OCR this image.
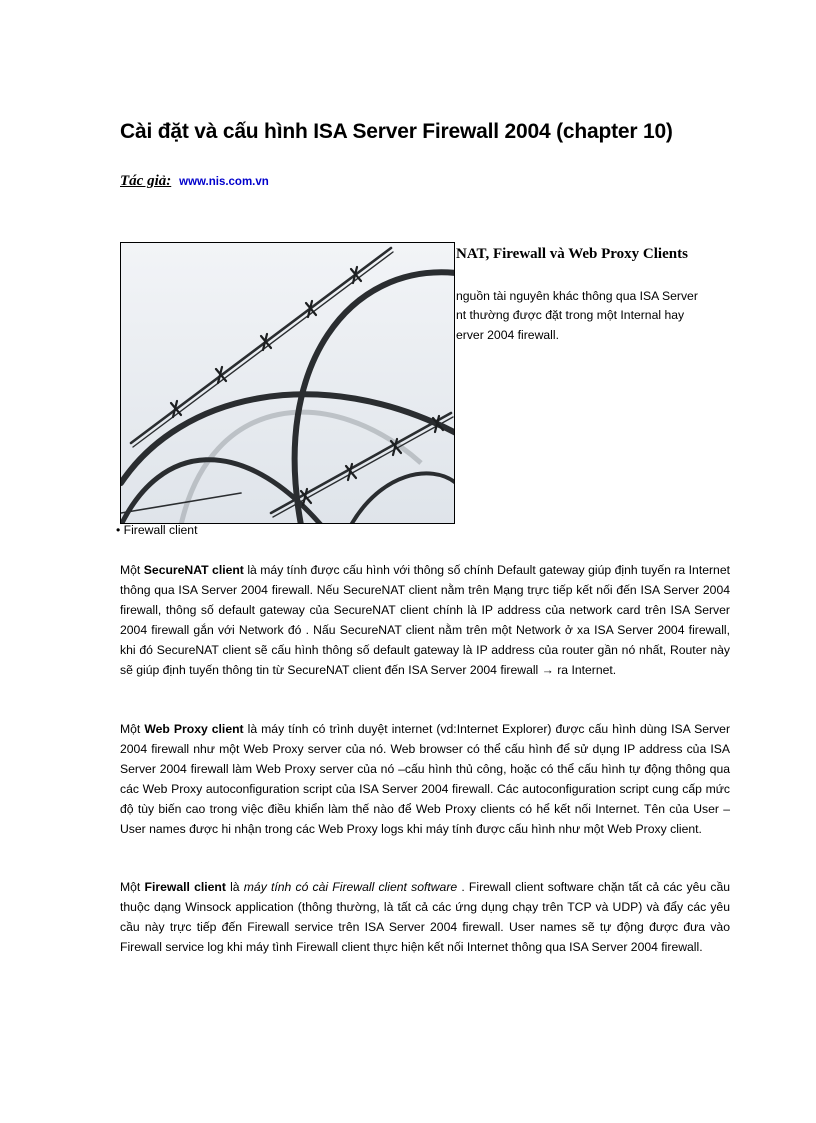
Cài đặt và cấu hình ISA Server Firewall 2004 (chapter 10)
Tác giả: www.nis.com.vn
NAT, Firewall và Web Proxy Clients
nguồn tài nguyên khác thông qua ISA Server
nt thường được đặt trong một Internal hay
erver 2004 firewall.
• Firewall client

Một SecureNAT client là máy tính được cấu hình với thông số chính Default gateway giúp định tuyến ra Internet thông qua ISA Server 2004 firewall. Nếu SecureNAT client nằm trên Mạng trực tiếp kết nối đến ISA Server 2004 firewall, thông số default gateway của SecureNAT client chính là IP address của network card trên ISA Server 2004 firewall gắn với Network đó . Nấu SecureNAT client nằm trên một Network ở xa ISA Server 2004 firewall, khi đó SecureNAT client sẽ cấu hình thông số default gateway là IP address của router gần nó nhất, Router này sẽ giúp định tuyến thông tin từ SecureNAT client đến ISA Server 2004 firewall → ra Internet.

Một Web Proxy client là máy tính có trình duyệt internet (vd:Internet Explorer) được cấu hình dùng ISA Server 2004 firewall như một Web Proxy server của nó. Web browser có thể cấu hình để sử dụng IP address của ISA Server 2004 firewall làm Web Proxy server của nó –cấu hình thủ công, hoặc có thể cấu hình tự động thông qua các Web Proxy autoconfiguration script của ISA Server 2004 firewall. Các autoconfiguration script cung cấp mức độ tùy biến cao trong việc điều khiển làm thế nào để Web Proxy clients có hể kết nối Internet. Tên của User –User names được hi nhận trong các Web Proxy logs khi máy tính được cấu hình như một Web Proxy client.

Một Firewall client là máy tính có cài Firewall client software . Firewall client software chặn tất cả các yêu cầu thuộc dạng Winsock application (thông thường, là tất cả các ứng dụng chạy trên TCP và UDP) và đẩy các yêu cầu này trực tiếp đến Firewall service trên ISA Server 2004 firewall. User names sẽ tự động được đưa vào Firewall service log khi máy tình Firewall client thực hiện kết nối Internet thông qua ISA Server 2004 firewall.
